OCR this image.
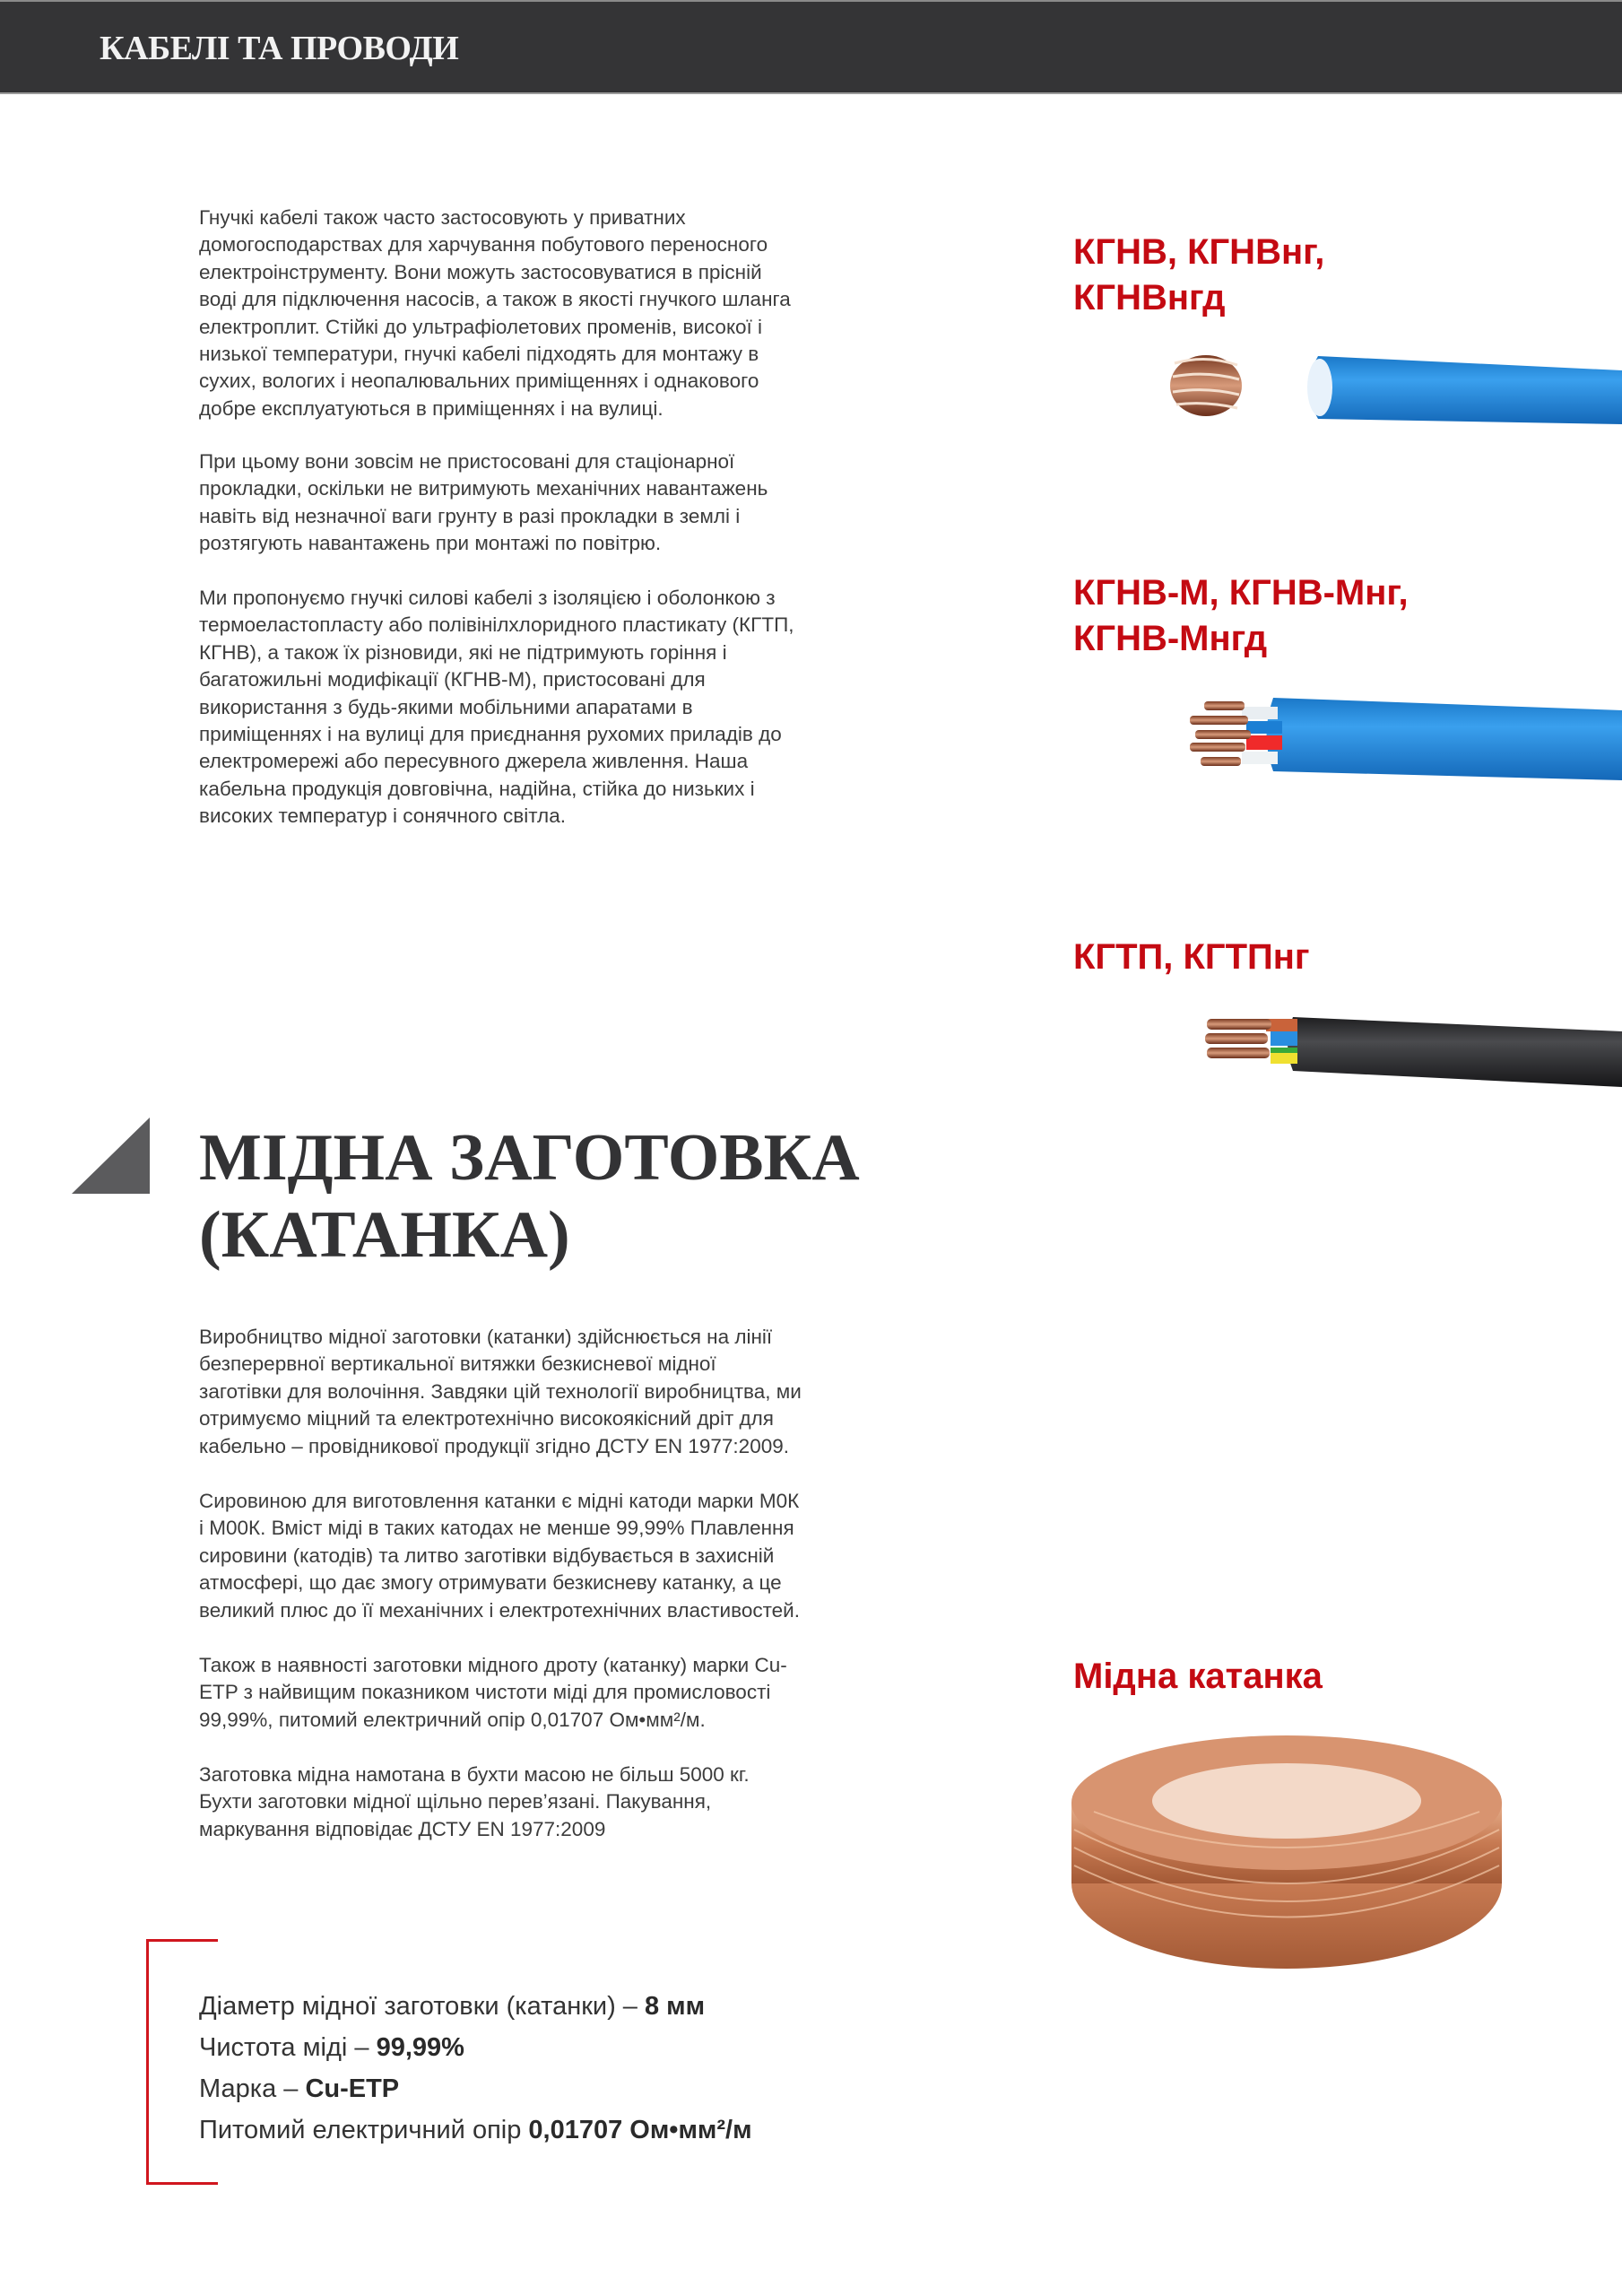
КАБЕЛІ ТА ПРОВОДИ
Гнучкі кабелі також часто застосовують у приватних
домогосподарствах для харчування побутового переносного
електроінструменту. Вони можуть застосовуватися в прісній
воді для підключення насосів, а також в якості гнучкого шланга
електроплит. Стійкі до ультрафіолетових променів, високої і
низької температури, гнучкі кабелі підходять для монтажу в
сухих, вологих і неопалювальних приміщеннях і однакового
добре експлуатуються в приміщеннях і на вулиці.
При цьому вони зовсім не пристосовані для стаціонарної
прокладки, оскільки не витримують механічних навантажень
навіть від незначної ваги грунту в разі прокладки в землі і
розтягують навантажень при монтажі по повітрю.
Ми пропонуємо гнучкі силові кабелі з ізоляцією і оболонкою з
термоеластопласту або полівінілхлоридного пластикату (КГТП,
КГНВ), а також їх різновиди, які не підтримують горіння і
багатожильні модифікації (КГНВ-М), пристосовані для
використання з будь-якими мобільними апаратами в
приміщеннях і на вулиці для приєднання рухомих приладів до
електромережі або пересувного джерела живлення. Наша
кабельна продукція довговічна, надійна, стійка до низьких і
високих температур і сонячного світла.
КГНВ, КГНВнг,
КГНВнгд
КГНВ-М, КГНВ-Мнг,
КГНВ-Мнгд
КГТП, КГТПнг
МІДНА ЗАГОТОВКА
(КАТАНКА)
Виробництво мідної заготовки (катанки) здійснюється на лінії
безперервної вертикальної витяжки безкисневої мідної
заготівки для волочіння. Завдяки цій технології виробництва, ми
отримуємо міцний та електротехнічно високоякісний дріт для
кабельно – провідникової продукції згідно ДСТУ EN 1977:2009.
Сировиною для виготовлення катанки є мідні катоди марки М0К
і М00К. Вміст міді в таких катодах не менше 99,99% Плавлення
сировини (катодів) та литво заготівки відбувається в захисній
атмосфері, що дає змогу отримувати безкисневу катанку, а це
великий плюс до її механічних і електротехнічних властивостей.
Також в наявності заготовки мідного дроту (катанку) марки Cu-
ETP з найвищим показником чистоти міді для промисловості
99,99%, питомий електричний опір 0,01707 Ом•мм²/м.
Заготовка мідна намотана в бухти масою не більш 5000 кг.
Бухти заготовки мідної щільно перев’язані. Пакування,
маркування відповідає ДСТУ EN 1977:2009
Мідна катанка
Діаметр мідної заготовки (катанки) – 8 мм
Чистота міді – 99,99%
Марка – Cu-ETP
Питомий електричний опір 0,01707 Ом•мм²/м
